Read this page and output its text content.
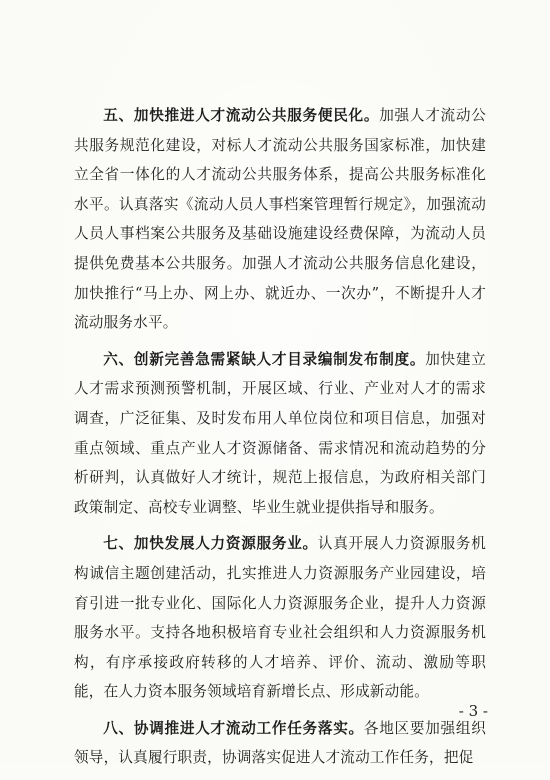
五、加快推进人才流动公共服务便民化。加强人才流动公共服务规范化建设，对标人才流动公共服务国家标准，加快建立全省一体化的人才流动公共服务体系，提高公共服务标准化水平。认真落实《流动人员人事档案管理暂行规定》，加强流动人员人事档案公共服务及基础设施建设经费保障，为流动人员提供免费基本公共服务。加强人才流动公共服务信息化建设，加快推行“马上办、网上办、就近办、一次办”，不断提升人才流动服务水平。

六、创新完善急需紧缺人才目录编制发布制度。加快建立人才需求预测预警机制，开展区域、行业、产业对人才的需求调查，广泛征集、及时发布用人单位岗位和项目信息，加强对重点领域、重点产业人才资源储备、需求情况和流动趋势的分析研判，认真做好人才统计，规范上报信息，为政府相关部门政策制定、高校专业调整、毕业生就业提供指导和服务。

七、加快发展人力资源服务业。认真开展人力资源服务机构诚信主题创建活动，扎实推进人力资源服务产业园建设，培育引进一批专业化、国际化人力资源服务企业，提升人力资源服务水平。支持各地积极培育专业社会组织和人力资源服务机构，有序承接政府转移的人才培养、评价、流动、激励等职能，在人力资本服务领域培育新增长点、形成新动能。

八、协调推进人才流动工作任务落实。各地区要加强组织领导，认真履行职责，协调落实促进人才流动工作任务，把促

- 3 -
